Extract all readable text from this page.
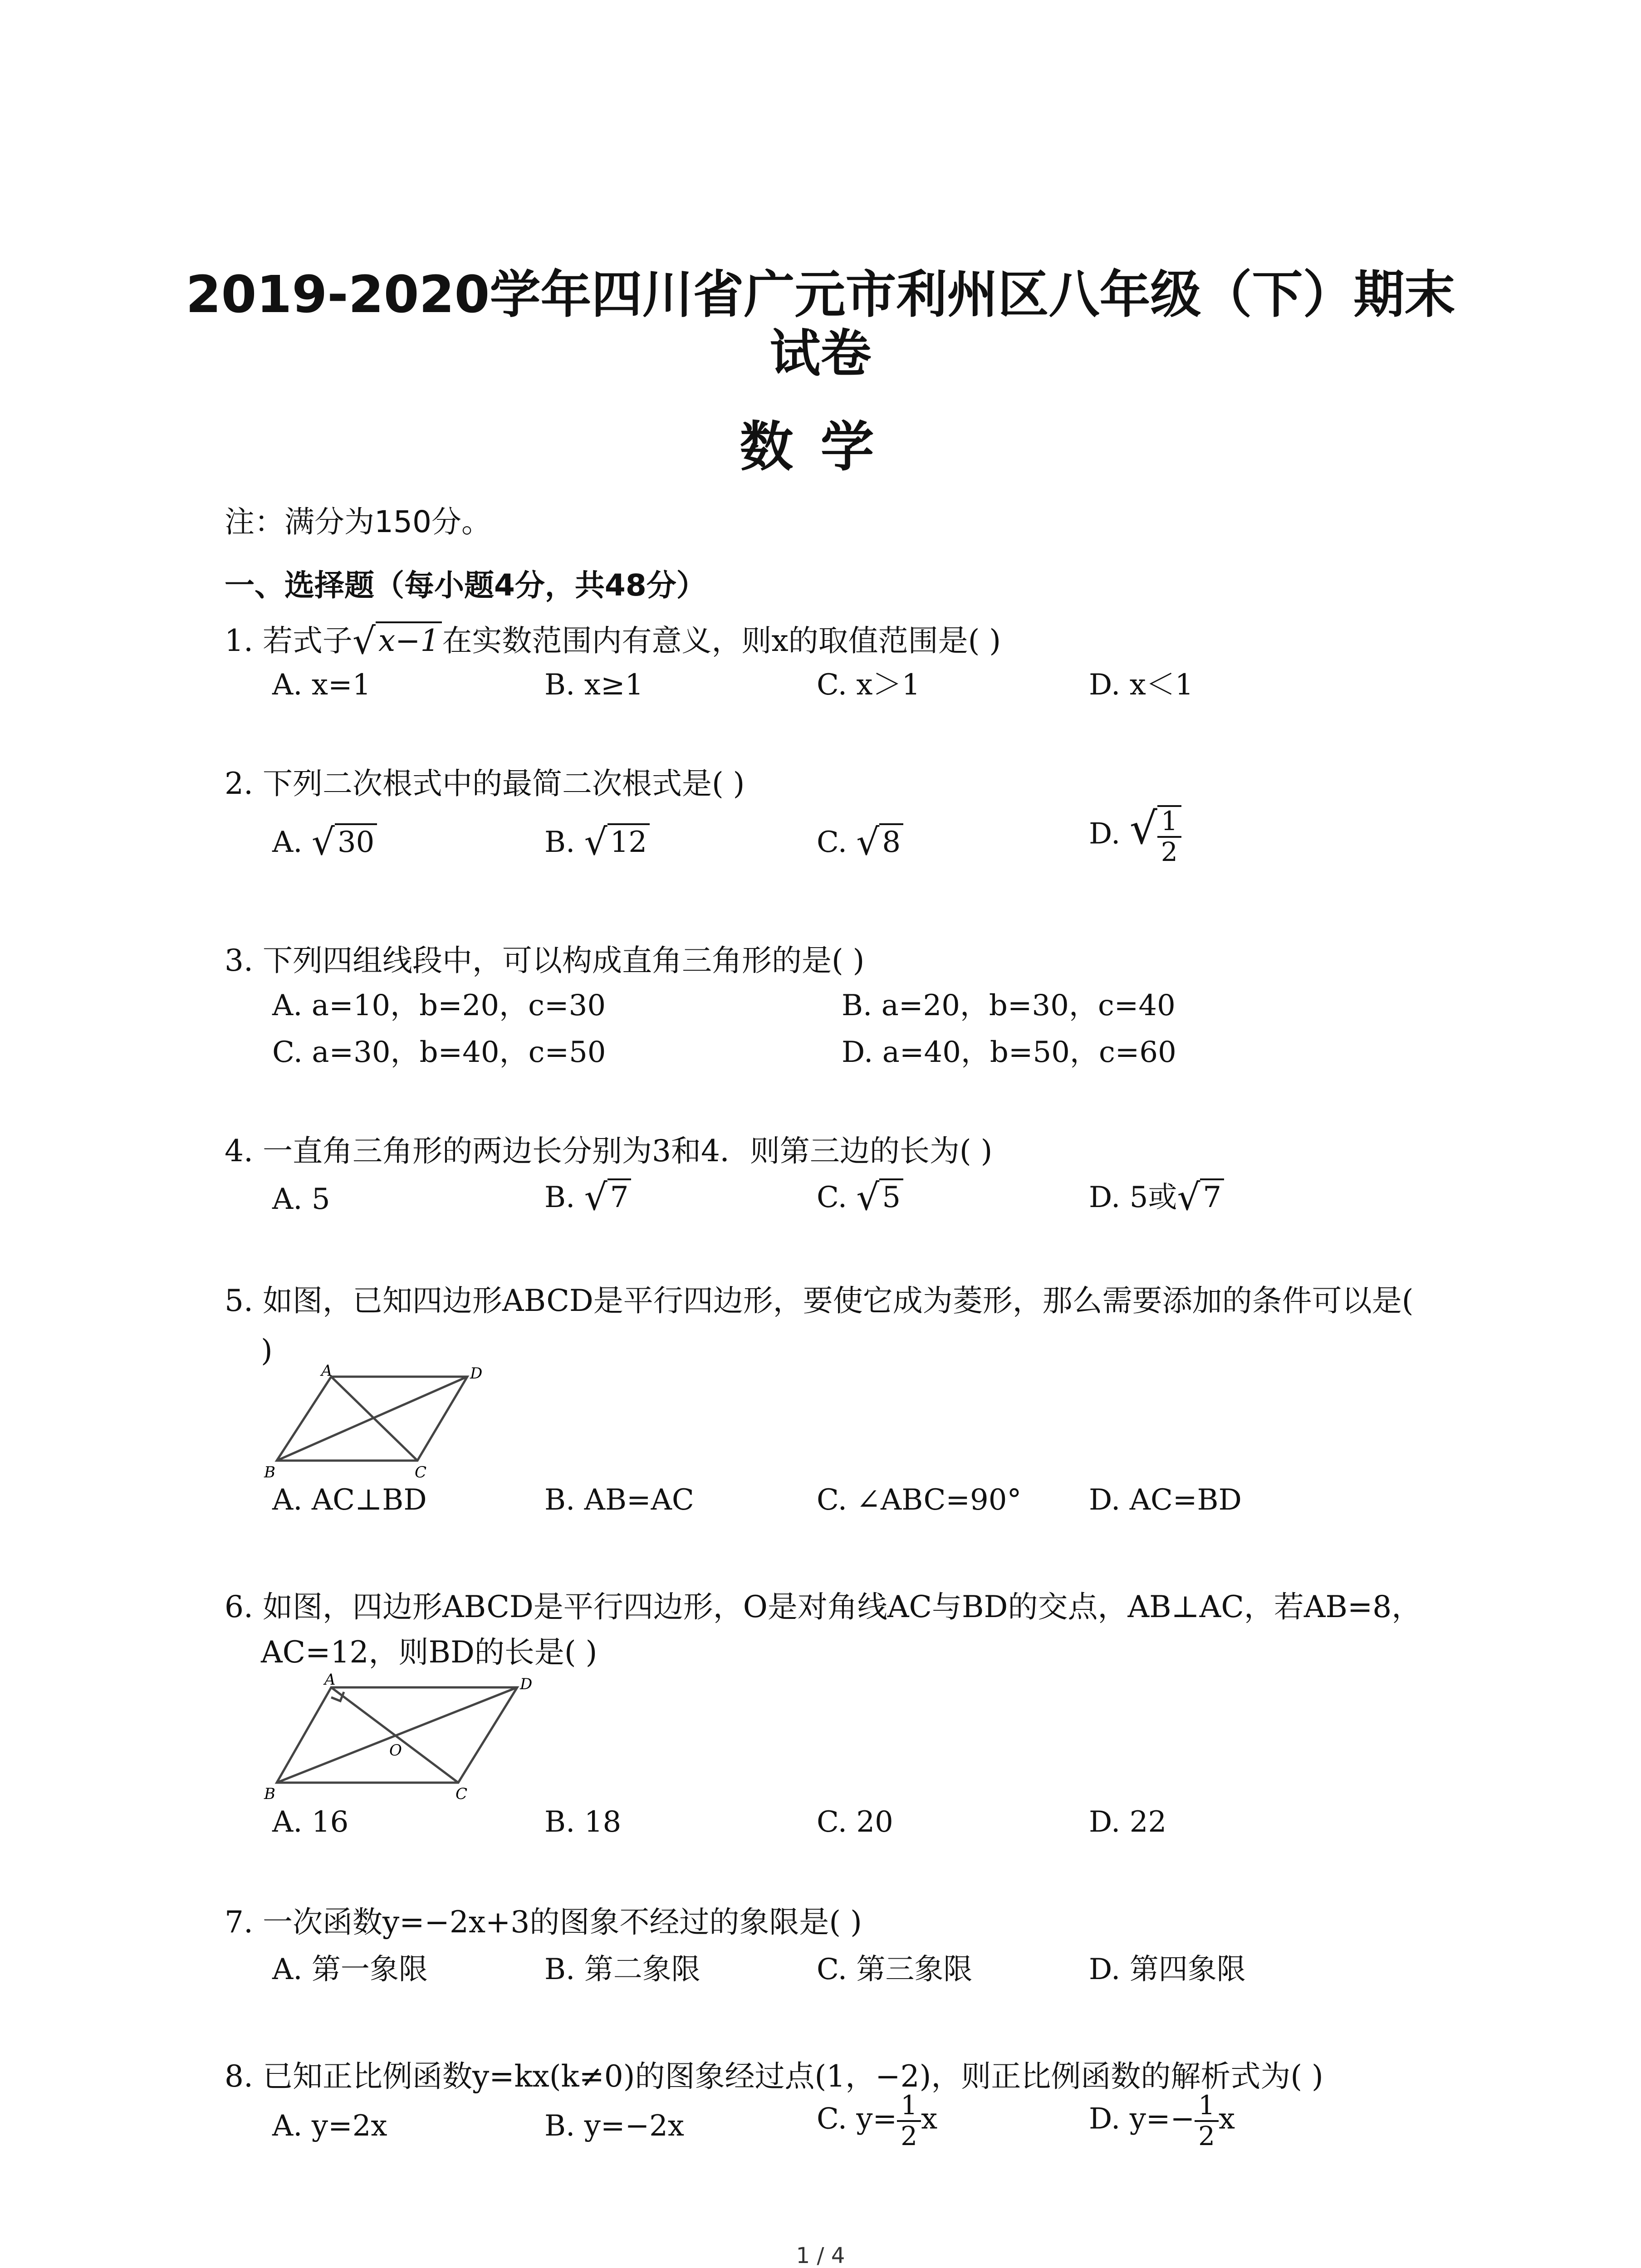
2019-2020学年四川省广元市利州区八年级（下）期末
试卷
数学
注：满分为150分。
一、选择题（每小题4分，共48分）
1. 若式子√x−1在实数范围内有意义，则x的取值范围是( )
A. x=1	B. x≥1	C. x＞1	D. x＜1
2. 下列二次根式中的最简二次根式是( )
A. √30	B. √12	C. √8	D. √ $\frac{1}{2}$
3. 下列四组线段中，可以构成直角三角形的是( )
A. a=10，b=20，c=30	B. a=20，b=30，c=40
C. a=30，b=40，c=50	D. a=40，b=50，c=60
4. 一直角三角形的两边长分别为3和4．则第三边的长为( )
A. 5	B. √7	C. √5	D. 5或√7
5. 如图，已知四边形ABCD是平行四边形，要使它成为菱形，那么需要添加的条件可以是(
)
A	D
B	C
A. AC⊥BD	B. AB=AC	C. ∠ABC=90° D. AC=BD
6. 如图，四边形ABCD是平行四边形，O是对角线AC与BD的交点，AB⊥AC，若AB=8，
AC=12，则BD的长是( )
A	D
B	C
O
A. 16	B. 18	C. 20	D. 22
7. 一次函数y=−2x+3的图象不经过的象限是( )
A. 第一象限	B. 第二象限	C. 第三象限	D. 第四象限
8. 已知正比例函数y=kx(k≠0)的图象经过点(1，−2)，则正比例函数的解析式为( )
A. y=2x	B. y=−2x	C. $y= \frac{1}{2}$ x	D. $y=- \frac{1}{2}$ x
1 / 4
